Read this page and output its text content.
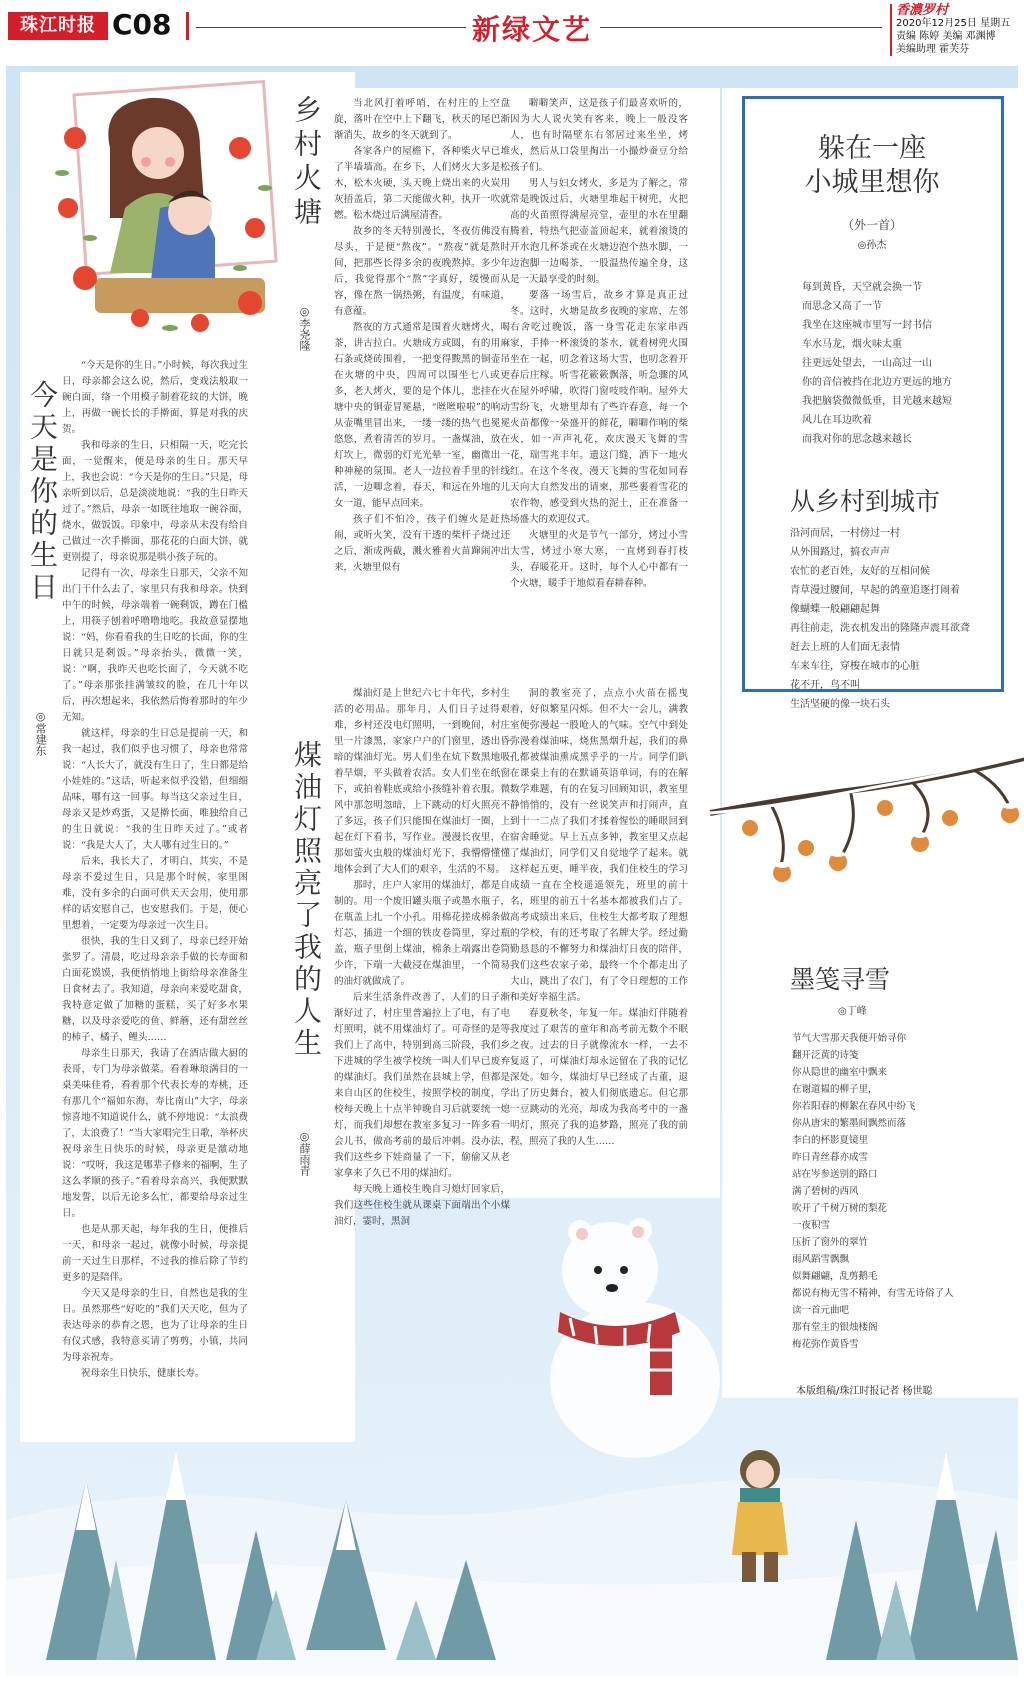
珠江时报 C08	新绿文艺
香濃罗村
2020年12月25日 星期五
责编 陈婷 美编 邓渊博
美编助理 霍芙芬
今天是你的生日
◎常建东

“今天是你的生日。”小时候，每次我过生日，母亲都会这么说，然后，变戏法般取一碗白面，络一个用模子制着花纹的大饼，晚上，再做一碗长长的手擀面，算是对我的庆贺。

我和母亲的生日，只相隔一天，吃完长面，一觉醒来，便是母亲的生日。那天早上，我也会说：“今天是你的生日。”只是，母亲听到以后，总是淡淡地说：“我的生日昨天过了。”然后，母亲一如既往地取一碗谷面，烧水，做饭饭。印象中，母亲从未没有给自己做过一次手擀面，那花花的白面大饼，就更别提了，母亲说那是哄小孩子玩的。

记得有一次，母亲生日那天，父亲不知出门干什么去了，家里只有我和母亲。快到中午的时候，母亲端着一碗剩饭，蹲在门槛上，用筷子刨着呼噜噜地吃。我故意显摆地说：“妈，你看看我的生日吃的长面，你的生日就只是剩饭。”母亲抬头，微微一笑，说：“啊，我昨天也吃长面了，今天就不吃了。”母亲那张挂满皱纹的脸，在几十年以后，再次想起来，我依然后悔着那时的年少无知。

就这样，母亲的生日总是提前一天，和我一起过，我们似乎也习惯了，母亲也常常说：“人长大了，就没有生日了，生日都是给小娃娃的。”这话，听起来似乎没错，但细细品味，哪有这一回事。每当这父亲过生日，母亲又是炒鸡蛋，又是擀长面，唯独给自己的生日就说：“我的生日昨天过了。”或者说：“我是大人了，大人哪有过生日的。”

后来，我长大了，才明白，其实，不是母亲不爱过生日，只是那个时候，家里困难，没有多余的白面可供天天会用，使用那样的话安慰自己，也安慰我们。于是，便心里想着，一定要为母亲过一次生日。

很快，我的生日又到了，母亲已经开始张罗了。清晨，吃过母亲亲手做的长寿面和白面花馍馍，我便悄悄地上街给母亲准备生日食材去了。我知道，母亲向来爱吃甜食，我特意定做了加糖的蛋糕，买了好多水果糖，以及母亲爱吃的鱼、鲜蘑，还有甜丝丝的柿子、橘子、鲤头……

母亲生日那天，我请了在酒店做大厨的表哥，专门为母亲做菜。看着琳琅满目的一桌美味佳肴，看着那个代表长寿的寿桃，还有那几个“福如东海，寿比南山”大字，母亲惊喜地不知道说什么，就不停地说：“太浪费了，太浪费了！”当大家唱完生日歌，举杯庆祝母亲生日快乐的时候，母亲更是激动地说：“哎呀，我这是哪辈子修来的福啊，生了这么孝顺的孩子。”看着母亲高兴，我便默默地发誓，以后无论多么忙，都要给母亲过生日。

也是从那天起，每年我的生日，便推后一天，和母亲一起过，就像小时候，母亲提前一天过生日那样，不过我的推后除了节约更多的是陪伴。

今天又是母亲的生日，自然也是我的生日。虽然那些“好吃的”我们天天吃，但为了表达母亲的恭育之恩，也为了让母亲的生日有仪式感，我特意买请了剪剪，小镇，共同为母亲祝寿。

祝母亲生日快乐，健康长寿。

乡村火塘
◎李尧隆

当北风打着呼哨，在村庄的上空盘旋，落叶在空中上下翻飞，秋天的尾巴渐渐消失，故乡的冬天就到了。

各家各户的屋檐下，各种柴火早已堆了半墙墙高。在乡下，人们烤火大多是松木，松木火硬，头天晚上烧出来的火炭用灰捂盖后，第二天能做火种，执开一吹就燃。松木烧过后满屋清香。

故乡的冬天特别漫长，冬夜仿佛没有尽头，于是便“熬夜”。“熬夜”就是熬时间，把那些长得多余的夜晚熬掉。多少年后，我觉得那个“熬”字真好，缓慢而从容，像在熬一锅热粥，有温度，有味道，有意蕴。

熬夜的方式通常是围着火塘烤火，喝茶，讲古拉白。火塘成方或圆，有的用麻石条或烧砖围着，一把变得黢黑的铜壶吊在火塘的中央，四周可以围坐七八或更多，老人烤火，要的是个体儿，悲挂在火塘中央的铜壶冒冕悬，“咝咝啦啦”的响动从壶嘴里冒出来，一缕一缕的热气也冕冕悠悠，煮着清苦的岁月。一盏煤油，放在灯坎上，微弱的灯光光晕一室，幽微出一种神秘的氛围。老人一边拉着手里的针线活，一边唧念着，春天，和远在外地的儿女一道，能早点回来。

孩子们不怕冷，孩子们缠火是赶热闹，或听火笑，没有干透的柴杆子烧过还之后，渐成两截，溅火雅着火苗蹿闹冲出来，火塘里似有

噼噼笑声，这是孩子们最喜欢听的，因为大人说火笑有客来，晚上一般没客人，也有时隔壁东右邻居过来坐坐，烤火，然后从口袋里掏出一小撮炒蚕豆分给孩子们。

男人与妇女烤火，多是为了解之，常常是晚饭过后，火塘里堆起干树兜，火把高的火苗照得满屋亮堂，壶里的水在里翻腾着，特热气把壶盖顶起来，就着滚烫的开水泡几杯茶或在火塘边泡个热水脚，一边泡脚一边喝茶，一股温热传遍全身，这是一天最享受的时刻。

要落一场雪后，故乡才算是真正过冬。这时，火塘是故乡夜晚的家席，左邻右舍吃过晚饭，落一身雪花走东家串西家，手捧一杯滚烫的茶水，就着树兜火围坐在一起，叨念着这场大雪，也叨念着开春后庄稼。听雪花簌簌飘落，听急骤的风在屋外呼啸，吹得门窗吱吱作响。屋外大雪纷飞，火塘里却有了些许春意，每一个火苗都像一朵盛开的鲜花，噼噼作响的柴火，如一声声礼花，欢庆漫天飞舞的雪花，瑞雪兆丰年。遗这门缝，洒下一地火红。在这个冬夜，漫天飞舞的雪花如同春天向大自然发出的请柬，那些裹着雪花的农作物，感受到火热的泥土，正在准备一场盛大的欢迎仪式。

火塘里的火是节气一部分，烤过小雪大雪，烤过小寒大寒，一直烤到春打枝头，春暖花开。这时，每个人心中都有一个火塘，暖手于地似看春耕春种。

煤油灯照亮了我的人生
◎薛雨青

煤油灯是上世纪六七十年代，乡村生活的必用品。那年月，人们日子过得艰难，乡村还没电灯照明，一到晚间，村庄里一片漆黑，家家户户的门窗里，透出昏暗的煤油灯光。男人们坐在炕下数黑地吸着旱烟，平头做着农活。女人们坐在纸窗下，或拍着鞋底或给小孩缝补着衣服。微风中那忽明忽暗，上下跳动的灯火照亮不了多远，孩子们只能围在煤油灯一圈，上起在灯下看书，写作业。漫漫长夜里，在那如萤火虫般的煤油灯光下，我懵懵懂懂地体会到了大人们的艰辛，生活的不易。

那时，庄户人家用的煤油灯，都是自制的。用一个废旧罐头瓶子或墨水瓶子，在瓶盖上扎一个小孔。用棉花搓成棉条做灯芯，插进一个细的铁皮卷筒里，穿过瓶盖，瓶子里倒上煤油，棉条上端露出卷筒少许，下端一大截浸在煤油里，一个简易的油灯就做成了。

后来生活条件改善了，人们的日子渐渐好过了，村庄里普遍拉上了电，有了电灯照明，就不用煤油灯了。可奇怪的是等我们上了高中，特别到高三阶段，我们乡下进城的学生被学校统一叫人们早已废弃的煤油灯。我们虽然在县城上学，但都是来自山区的住校生，按照学校的制度，学校每天晚上十点半钟晚自习后就要统一熄灯，而我们却想在教室多复习一阵多看一会儿书，做高考前的最后冲刺。没办法，我们这些乡下娃商量了一下，偷偷又从老家拿来了久已不用的煤油灯。

每天晚上通校生晚自习熄灯回家后，我们这些住校生就从课桌下面端出个小煤油灯，霎时，黑洞

洞的教室亮了，点点小火苗在摇曳着，好似繁星闪烁。但不大一会儿，满教室便弥漫起一股呛人的气味。空气中到处弥漫着煤油味，烧焦黑烟升起，我们的鼻孔都被煤油熏成黑乎乎的一片。同学们趴在课桌上有的在默诵英语单词，有的在解数学难题，有的在复习回顾知识，教室里静悄悄的，没有一丝说笑声和打闹声，直到十一二点了我们才揉着惺忪的睡眼回到宿舍睡觉。早上五点多钟，教室里又点起了煤油灯，同学们又自觉地学了起来。就这样起五更，睡半夜，我们住校生的学习成绩一直在全校遥遥领先，班里的前十名，班里的前五十名基本都被我们占了。高考成绩出来后，住校生大都考取了理想的学校，有的还考取了名牌大学。经过勤勤恳恳的不懈努力和煤油灯日夜的陪伴，我们这些农家子弟，最终一个个都走出了大山，跳出了农门，有了令日理想的工作和美好幸福生活。

春夏秋冬，年复一年。煤油灯伴随着我度过了艰苦的童年和高考前无数个不眠之夜。过去的日子就像流水一样，一去不复返了，可煤油灯却永远留在了我的记忆深处。如今，煤油灯早已经成了古董，退出了历史舞台，被人们彻底遗忘。但它那一豆跳动的光亮，却成为我高考中的一盏明灯，照亮了我的追梦路，照亮了我的前程，照亮了我的人生……

躲在一座
小城里想你
（外一首）
◎孙杰
每到黄昏，天空就会换一节
而思念又高了一节
我坐在这座城市里写一封书信
车水马龙，烟火味太重
往更远处望去，一山高过一山
你的音信被挡在北边方更远的地方
我把脑袋微微低垂，目光越来越短
风儿在耳边吹着
而我对你的思念越来越长
从乡村到城市
沿河而居，一村傍过一村
从外围路过，搞衣声声
农忙的老百姓，友好的互相问候
青草漫过腰间，早起的鸽童追逐打闹着
像蝴蝶一般翩翩起舞
再往前走，洗衣机发出的隆隆声震耳欲聋
赶去上班的人们面无表情
车来车往，穿梭在城市的心脏
花不开，鸟不叫
生活坚硬的像一块石头
墨笺寻雪
◎丁峰
节气大雪那天我便开始寻你
翻开泛黄的诗笺
你从隐世的幽室中飘来
在谢道韫的柳子里，
你若阳春的柳絮在春风中纷飞
你从唐宋的繁墨间飘然而落
李白的杯影夏镜里
昨日青丝暮亦成雪
站在岑参送别的路口
满了碧树的西风
吹开了千树万树的梨花
一夜积雪
压折了窗外的翠竹
雨风蹈雪飘飘
似舞翩翩，乱剪鹅毛
都说有梅无雪不精神，有雪无诗俗了人
读一首元曲吧
那有堂主的银烛楼阁
梅花弥作黄昏雪
本版组稿/珠江时报记者 杨世聪
